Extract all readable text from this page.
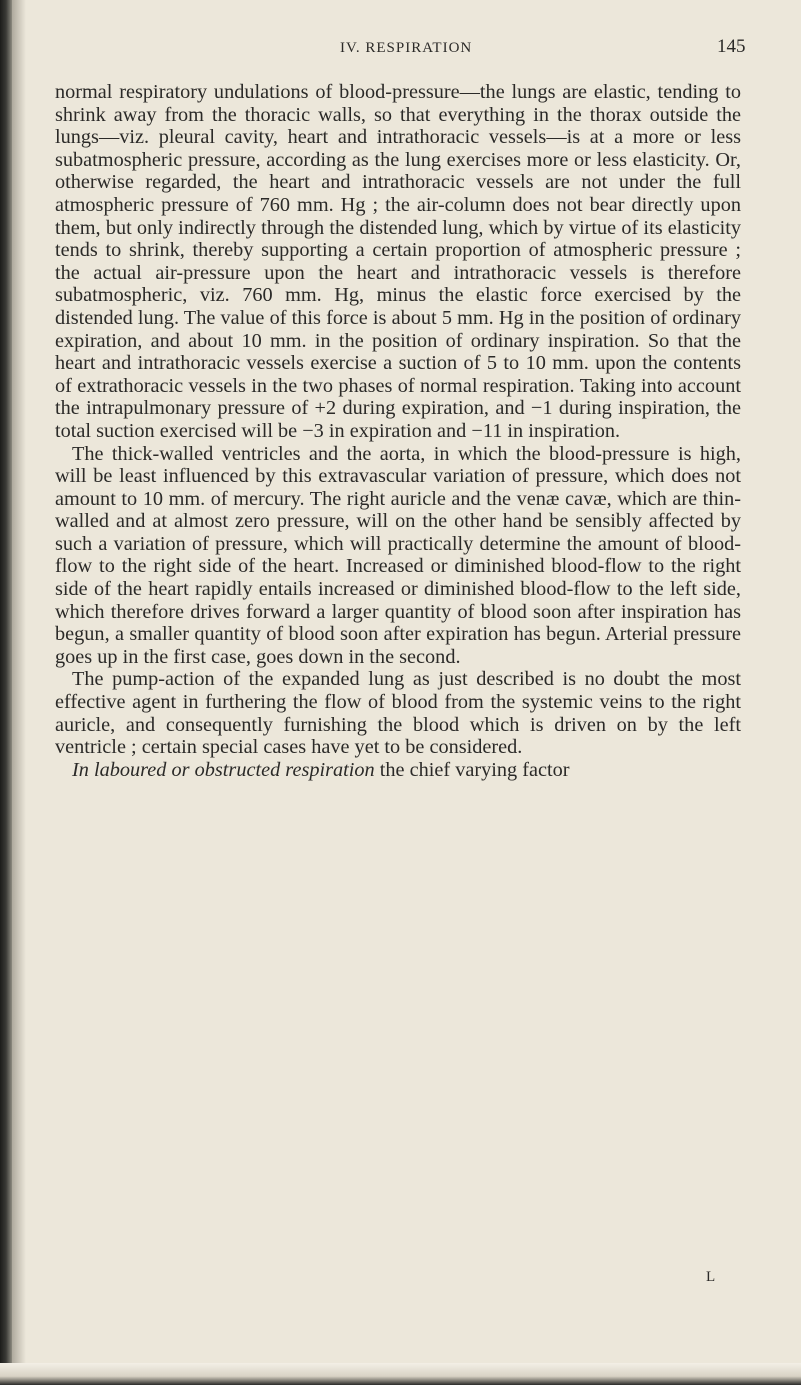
IV. RESPIRATION	145

normal respiratory undulations of blood-pressure—the lungs are elastic, tending to shrink away from the thoracic walls, so that everything in the thorax outside the lungs—viz. pleural cavity, heart and intrathoracic vessels—is at a more or less subatmospheric pressure, according as the lung exercises more or less elasticity. Or, otherwise regarded, the heart and intrathoracic vessels are not under the full atmospheric pressure of 760 mm. Hg ; the air-column does not bear directly upon them, but only indirectly through the distended lung, which by virtue of its elasticity tends to shrink, thereby supporting a certain proportion of atmospheric pressure ; the actual air-pressure upon the heart and intrathoracic vessels is therefore subatmospheric, viz. 760 mm. Hg, minus the elastic force exercised by the distended lung. The value of this force is about 5 mm. Hg in the position of ordinary expiration, and about 10 mm. in the position of ordinary inspiration. So that the heart and intrathoracic vessels exercise a suction of 5 to 10 mm. upon the contents of extrathoracic vessels in the two phases of normal respiration. Taking into account the intrapulmonary pressure of +2 during expiration, and −1 during inspiration, the total suction exercised will be −3 in expiration and −11 in inspiration.

The thick-walled ventricles and the aorta, in which the blood-pressure is high, will be least influenced by this extravascular variation of pressure, which does not amount to 10 mm. of mercury. The right auricle and the venæ cavæ, which are thin-walled and at almost zero pressure, will on the other hand be sensibly affected by such a variation of pressure, which will practically determine the amount of blood-flow to the right side of the heart. Increased or diminished blood-flow to the right side of the heart rapidly entails increased or diminished blood-flow to the left side, which therefore drives forward a larger quantity of blood soon after inspiration has begun, a smaller quantity of blood soon after expiration has begun. Arterial pressure goes up in the first case, goes down in the second.

The pump-action of the expanded lung as just described is no doubt the most effective agent in furthering the flow of blood from the systemic veins to the right auricle, and consequently furnishing the blood which is driven on by the left ventricle ; certain special cases have yet to be considered.

In laboured or obstructed respiration the chief varying factor

L
